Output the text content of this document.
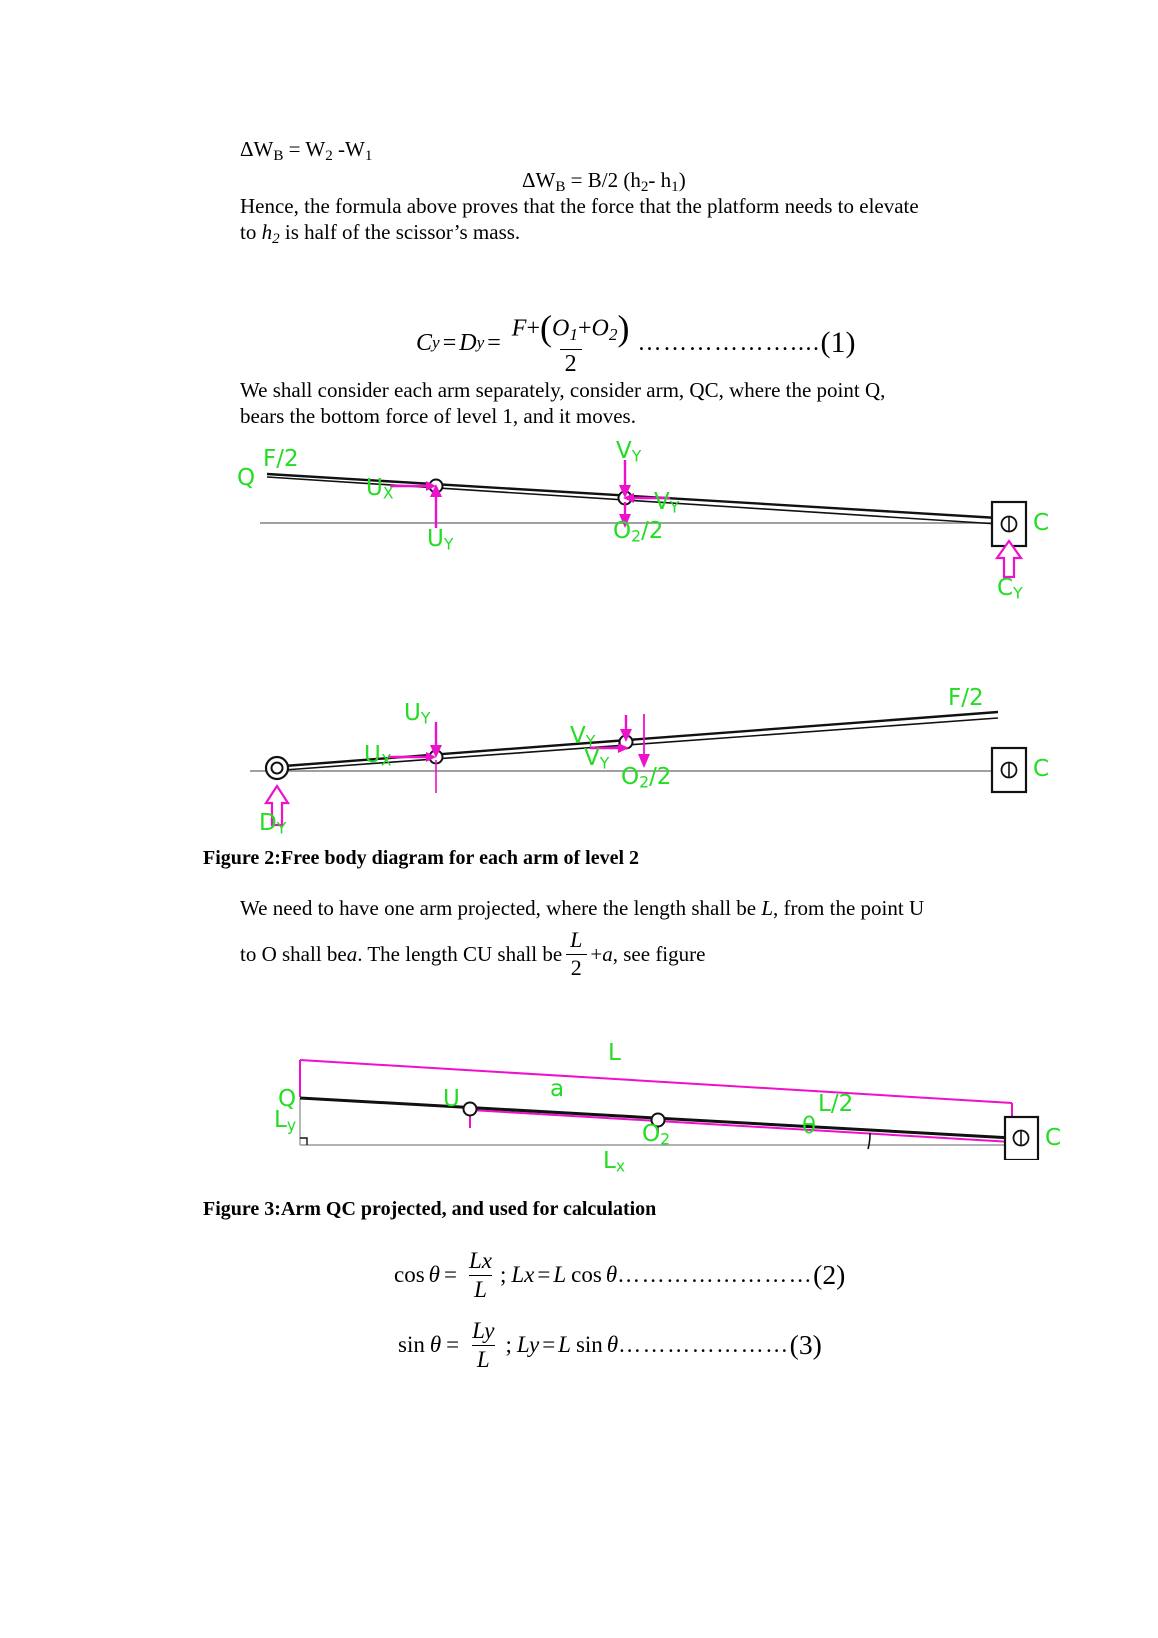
$\Delta W_B = W_2$ $-W_1$
$\Delta W_B = B/2$ ($h_2-$ $h_1$)
Hence, the formula above proves that the force that the platform needs to elevate
to $h_2$ is half of the scissor’s mass.
C y = D $y = \frac{F+(O_1+O_2)}{2}$ ……………….... (1)
We shall consider each arm separately, consider arm, QC, where the point Q,
bears the bottom force of level 1, and it moves.
Q
F/2
UX
UY
VY
VY
O2/2	C
CY
DY
UX
UY
VY
VY
O2/2
F/2
C
Figure 2:Free body diagram for each arm of level 2
We need to have one arm projected, where the length shall be L, from the point U
to O shall be a . The length CU shall be $\frac{L}{2} + a$ , see figure
Q
Ly
U	a
L
L/2
O2	θ
Lx
C
Figure 3:Arm QC projected, and used for calculation
$\cos \theta = \frac{Lx}{L}$ ; Lx = L cos θ …………………… (2)
$\sin \theta = \frac{Ly}{L}$ ; Ly = L sin θ ………………… (3)
